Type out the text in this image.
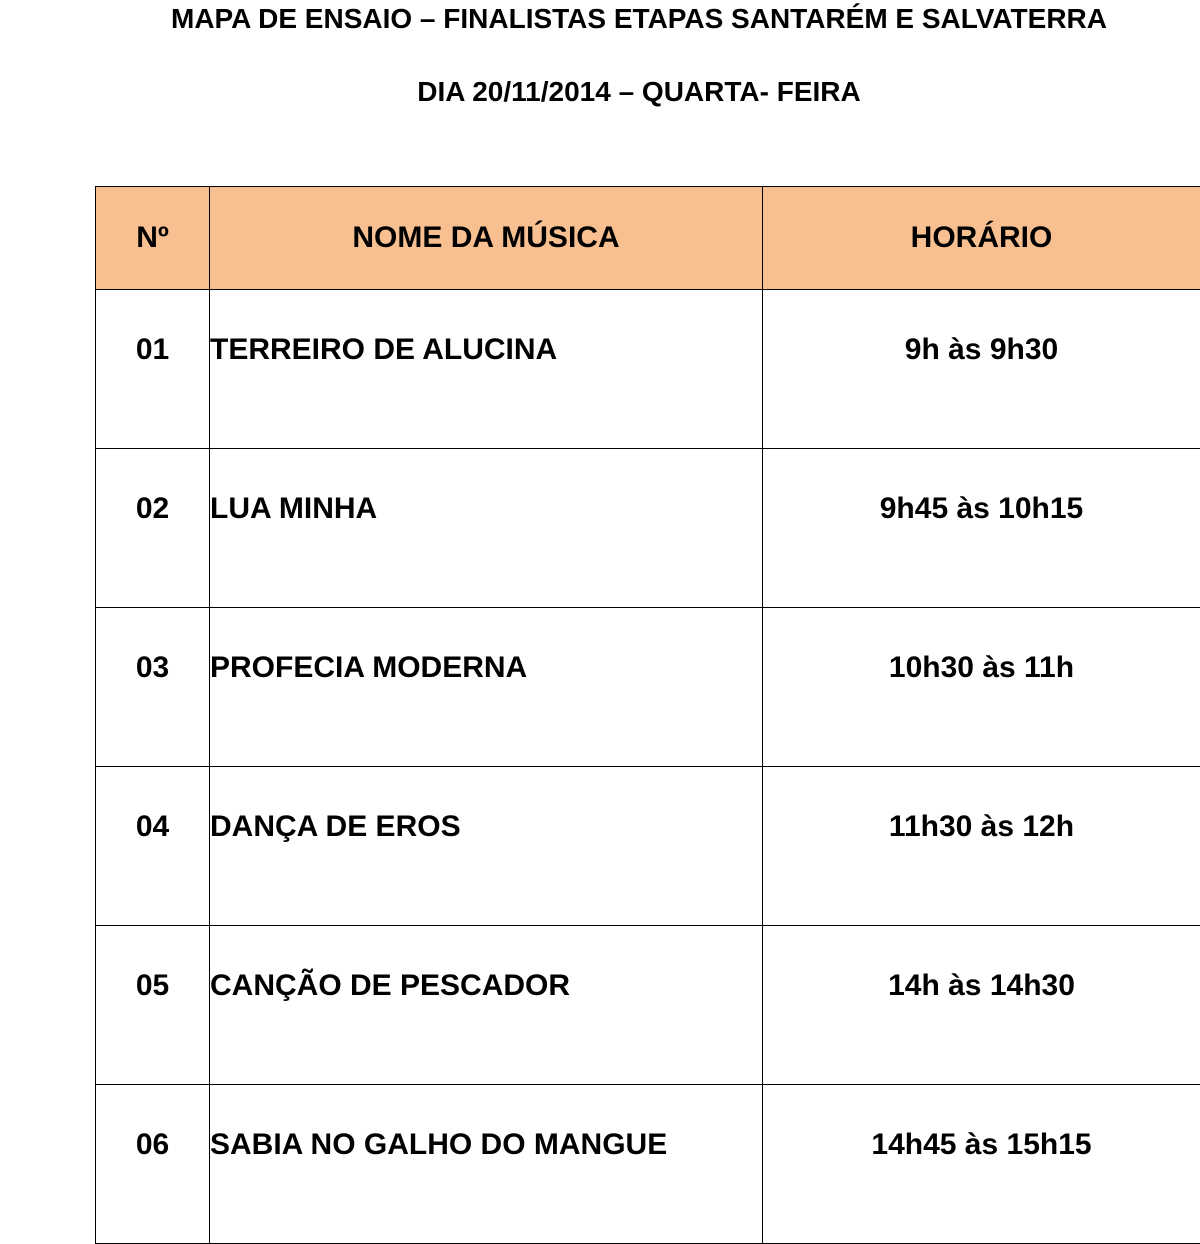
MAPA DE ENSAIO – FINALISTAS ETAPAS SANTARÉM E SALVATERRA
DIA 20/11/2014 – QUARTA- FEIRA
Nº	NOME DA MÚSICA	HORÁRIO
01	TERREIRO DE ALUCINA	9h às 9h30
02	LUA MINHA	9h45 às 10h15
03	PROFECIA MODERNA	10h30 às 11h
04	DANÇA DE EROS	11h30 às 12h
05	CANÇÃO DE PESCADOR	14h às 14h30
06	SABIA NO GALHO DO MANGUE	14h45 às 15h15
